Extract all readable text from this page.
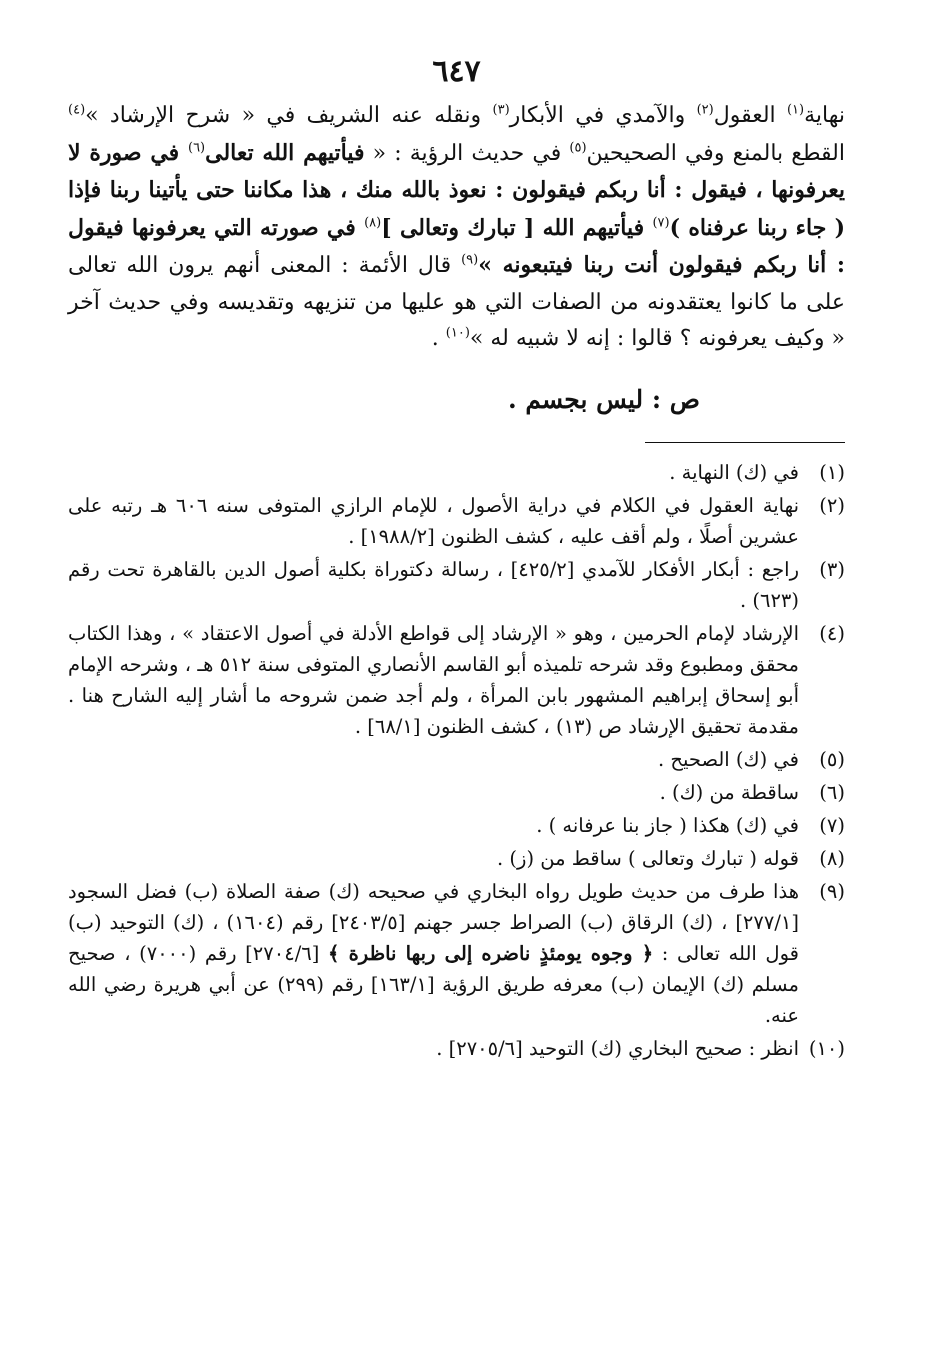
٦٤٧
نهاية$^{(١)}$ العقول$^{(٢)}$ والآمدي في الأبكار$^{(٣)}$ ونقله عنه الشريف في « شرح الإرشاد »$^{(٤)}$ القطع بالمنع وفي الصحيحين$^{(٥)}$ في حديث الرؤية : « فيأتيهم الله تعالى$^{(٦)}$ في صورة لا يعرفونها ، فيقول : أنا ربكم فيقولون : نعوذ بالله منك ، هذا مكاننا حتى يأتينا ربنا فإذا ( جاء ربنا عرفناه )$^{(٧)}$ فيأتيهم الله [ تبارك وتعالى ]$^{(٨)}$ في صورته التي يعرفونها فيقول : أنا ربكم فيقولون أنت ربنا فيتبعونه »$^{(٩)}$ قال الأئمة : المعنى أنهم يرون الله تعالى على ما كانوا يعتقدونه من الصفات التي هو عليها من تنزيهه وتقديسه وفي حديث آخر « وكيف يعرفونه ؟ قالوا : إنه لا شبيه له »$^{(١٠)}$ .
ص : ليس بجسم .
(١)
في (ك) النهاية .
(٢)
نهاية العقول في الكلام في دراية الأصول ، للإمام الرازي المتوفى سنه ٦٠٦ هـ رتبه على عشرين أصلًا ، ولم أقف عليه ، كشف الظنون [١٩٨٨/٢] .
(٣)
راجع : أبكار الأفكار للآمدي [٤٢٥/٢] ، رسالة دكتوراة بكلية أصول الدين بالقاهرة تحت رقم (٦٢٣) .
(٤)
الإرشاد لإمام الحرمين ، وهو « الإرشاد إلى قواطع الأدلة في أصول الاعتقاد » ، وهذا الكتاب محقق ومطبوع وقد شرحه تلميذه أبو القاسم الأنصاري المتوفى سنة ٥١٢ هـ ، وشرحه الإمام أبو إسحاق إبراهيم المشهور بابن المرأة ، ولم أجد ضمن شروحه ما أشار إليه الشارح هنا . مقدمة تحقيق الإرشاد ص (١٣) ، كشف الظنون [٦٨/١] .
(٥)
في (ك) الصحيح .
(٦)
ساقطة من (ك) .
(٧)
في (ك) هكذا ( جاز بنا عرفانه ) .
(٨)
قوله ( تبارك وتعالى ) ساقط من (ز) .
(٩)
هذا طرف من حديث طويل رواه البخاري في صحيحه (ك) صفة الصلاة (ب) فضل السجود [٢٧٧/١] ، (ك) الرقاق (ب) الصراط جسر جهنم [٢٤٠٣/٥] رقم (١٦٠٤) ، (ك) التوحيد (ب) قول الله تعالى : ﴿ وجوه يومئذٍ ناضره إلى ربها ناظرة ﴾ [٢٧٠٤/٦] رقم (٧٠٠٠) ، صحيح مسلم (ك) الإيمان (ب) معرفه طريق الرؤية [١٦٣/١] رقم (٢٩٩) عن أبي هريرة رضي الله عنه.
(١٠)
انظر : صحيح البخاري (ك) التوحيد [٢٧٠٥/٦] .
